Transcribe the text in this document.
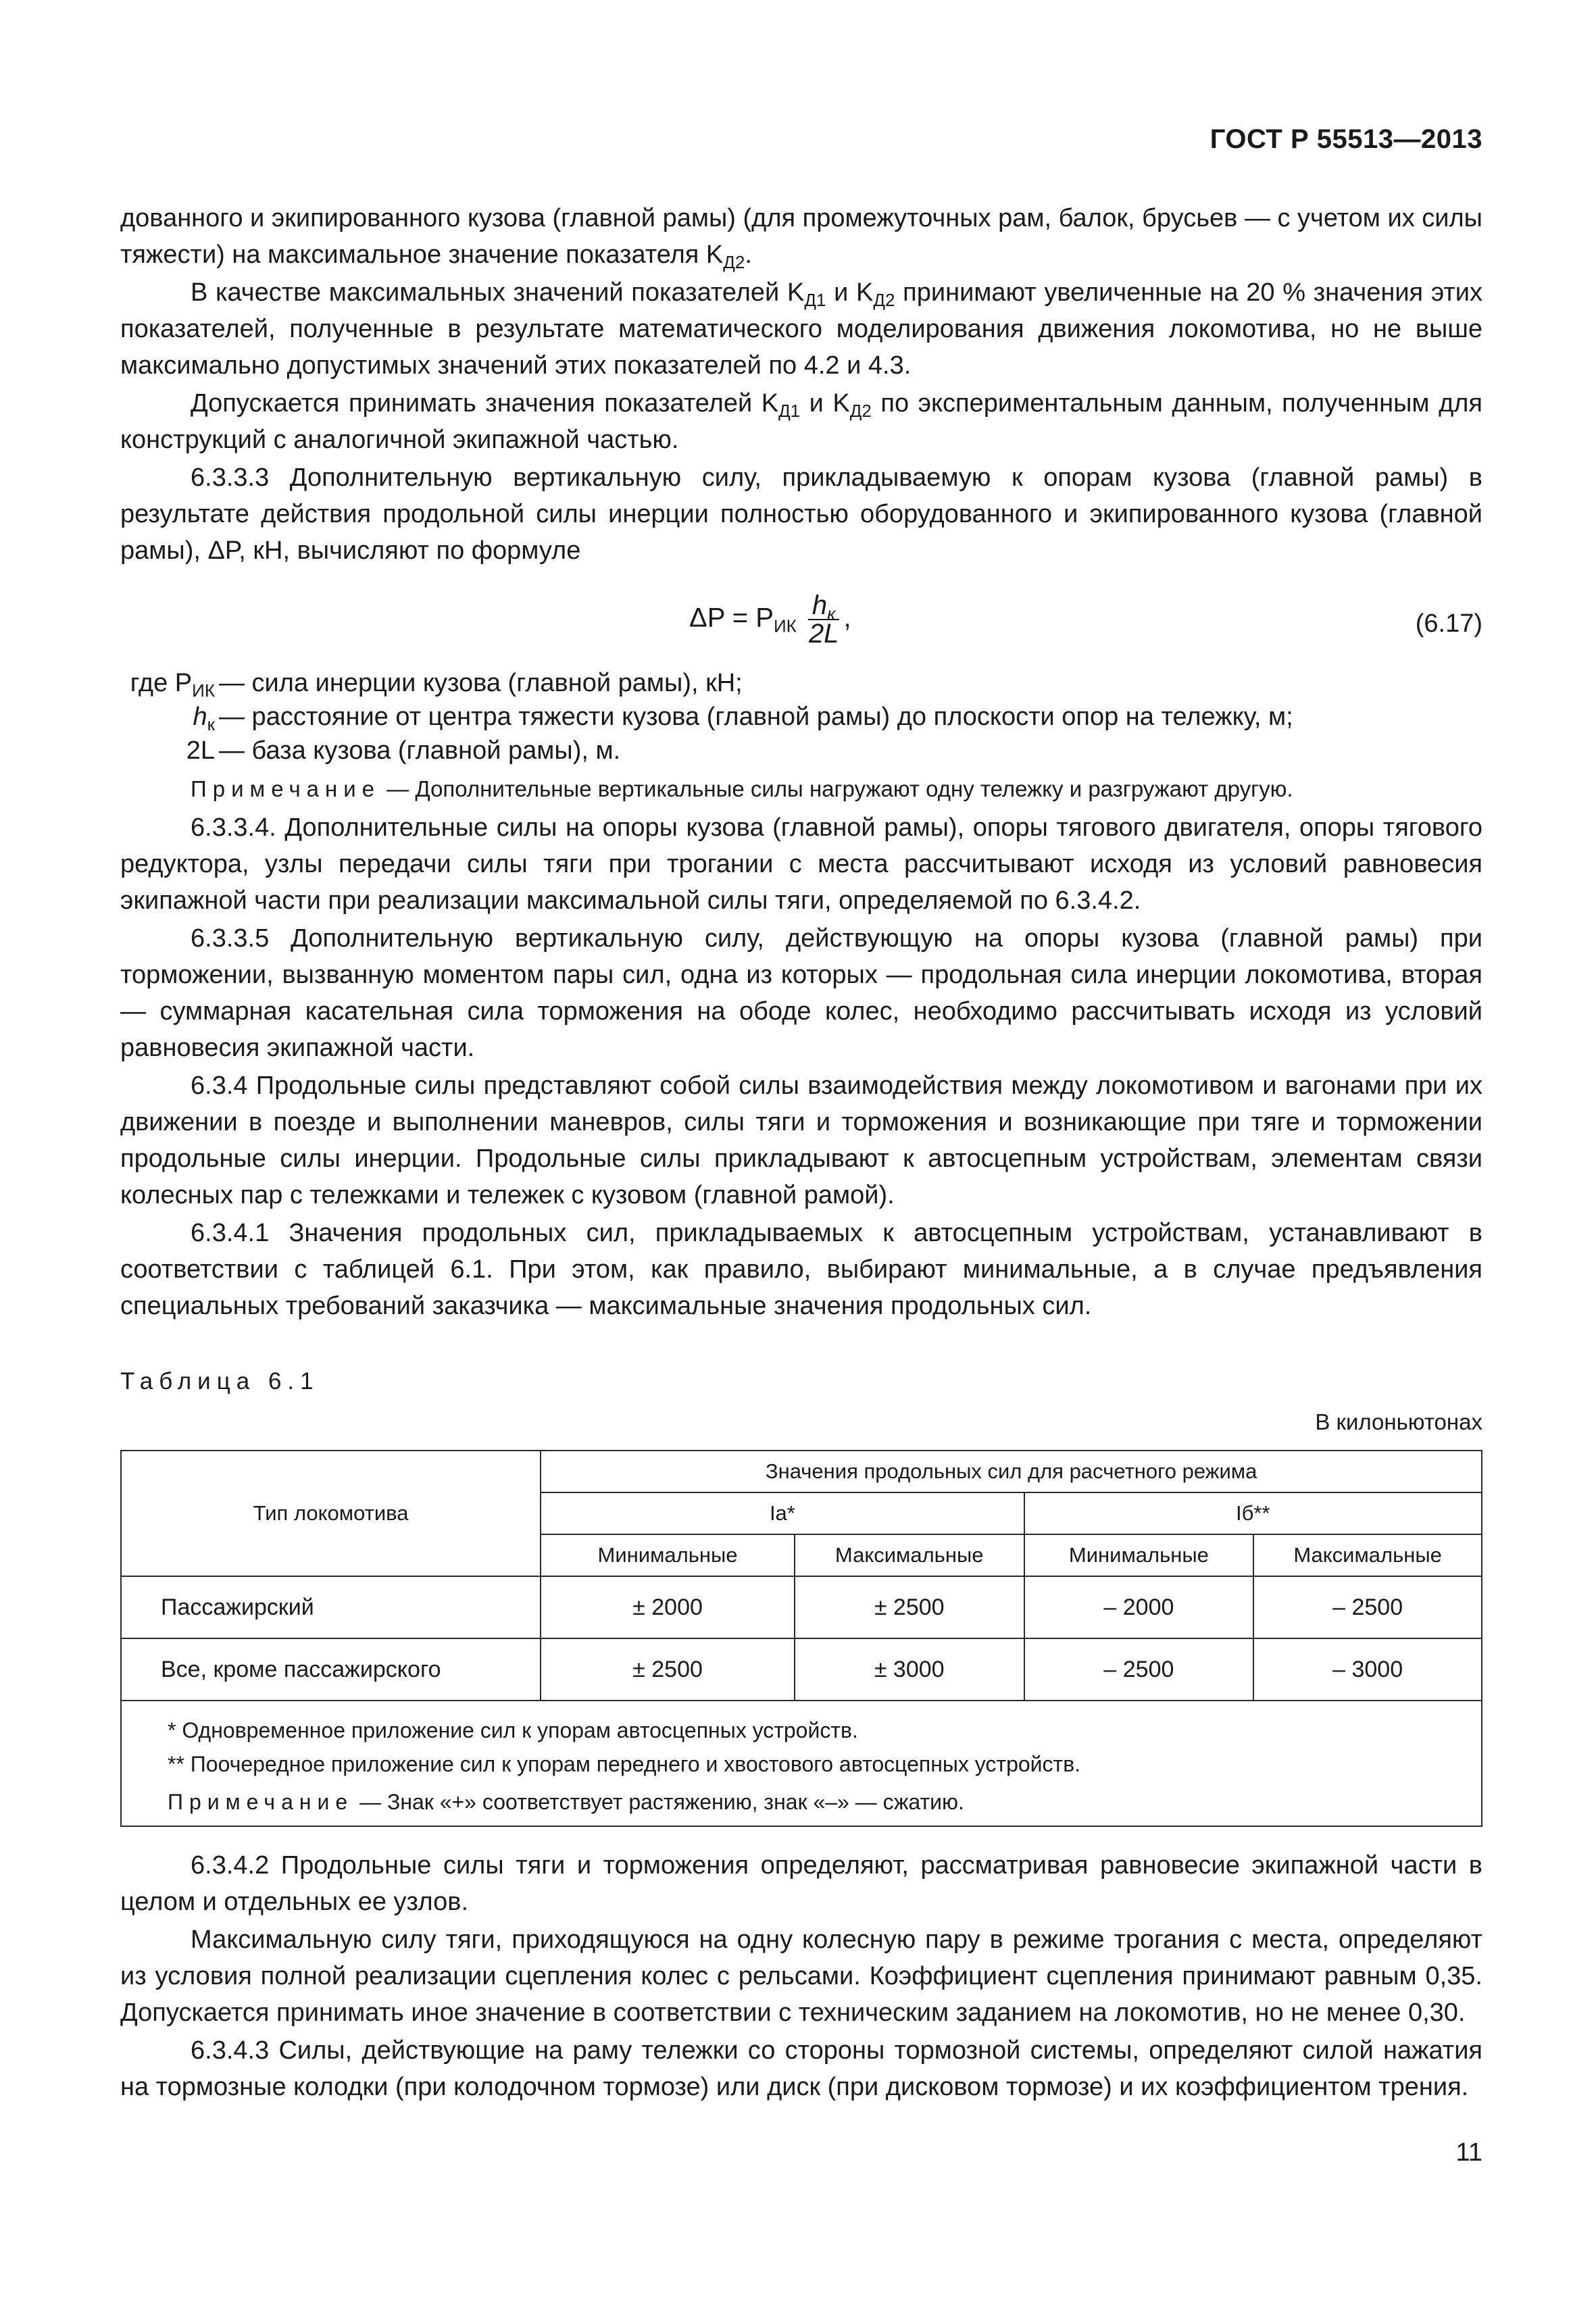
ГОСТ Р 55513—2013

дованного и экипированного кузова (главной рамы) (для промежуточных рам, балок, брусьев — с учетом их силы тяжести) на максимальное значение показателя $K_{Д2}$.

В качестве максимальных значений показателей $K_{Д1}$ и $K_{Д2}$ принимают увеличенные на 20 % значения этих показателей, полученные в результате математического моделирования движения локомотива, но не выше максимально допустимых значений этих показателей по 4.2 и 4.3.

Допускается принимать значения показателей $K_{Д1}$ и $K_{Д2}$ по экспериментальным данным, полученным для конструкций с аналогичной экипажной частью.

6.3.3.3 Дополнительную вертикальную силу, прикладываемую к опорам кузова (главной рамы) в результате действия продольной силы инерции полностью оборудованного и экипированного кузова (главной рамы), ΔP, кН, вычисляют по формуле

$\Delta P = P_{ИК} \frac{h_к}{2L}$ ,	(6.17)
где $P_{ИК}$ — сила инерции кузова (главной рамы), кН;
$h_к$ — расстояние от центра тяжести кузова (главной рамы) до плоскости опор на тележку, м;
2L — база кузова (главной рамы), м.

Примечание — Дополнительные вертикальные силы нагружают одну тележку и разгружают другую.

6.3.3.4. Дополнительные силы на опоры кузова (главной рамы), опоры тягового двигателя, опоры тягового редуктора, узлы передачи силы тяги при трогании с места рассчитывают исходя из условий равновесия экипажной части при реализации максимальной силы тяги, определяемой по 6.3.4.2.

6.3.3.5 Дополнительную вертикальную силу, действующую на опоры кузова (главной рамы) при торможении, вызванную моментом пары сил, одна из которых — продольная сила инерции локомотива, вторая — суммарная касательная сила торможения на ободе колес, необходимо рассчитывать исходя из условий равновесия экипажной части.

6.3.4 Продольные силы представляют собой силы взаимодействия между локомотивом и вагонами при их движении в поезде и выполнении маневров, силы тяги и торможения и возникающие при тяге и торможении продольные силы инерции. Продольные силы прикладывают к автосцепным устройствам, элементам связи колесных пар с тележками и тележек с кузовом (главной рамой).

6.3.4.1 Значения продольных сил, прикладываемых к автосцепным устройствам, устанавливают в соответствии с таблицей 6.1. При этом, как правило, выбирают минимальные, а в случае предъявления специальных требований заказчика — максимальные значения продольных сил.

Таблица 6.1
В килоньютонах
Тип локомотива	Значения продольных сил для расчетного режима			
	Iа*		Iб**	
	Минимальные	Максимальные	Минимальные	Максимальные
Пассажирский	± 2000	± 2500	– 2000	– 2500
Все, кроме пассажирского	± 2500	± 3000	– 2500	– 3000

* Одновременное приложение сил к упорам автосцепных устройств.
** Поочередное приложение сил к упорам переднего и хвостового автосцепных устройств.
Примечание — Знак «+» соответствует растяжению, знак «–» — сжатию.				

6.3.4.2 Продольные силы тяги и торможения определяют, рассматривая равновесие экипажной части в целом и отдельных ее узлов.

Максимальную силу тяги, приходящуюся на одну колесную пару в режиме трогания с места, определяют из условия полной реализации сцепления колес с рельсами. Коэффициент сцепления принимают равным 0,35. Допускается принимать иное значение в соответствии с техническим заданием на локомотив, но не менее 0,30.

6.3.4.3 Силы, действующие на раму тележки со стороны тормозной системы, определяют силой нажатия на тормозные колодки (при колодочном тормозе) или диск (при дисковом тормозе) и их коэффициентом трения.

11
